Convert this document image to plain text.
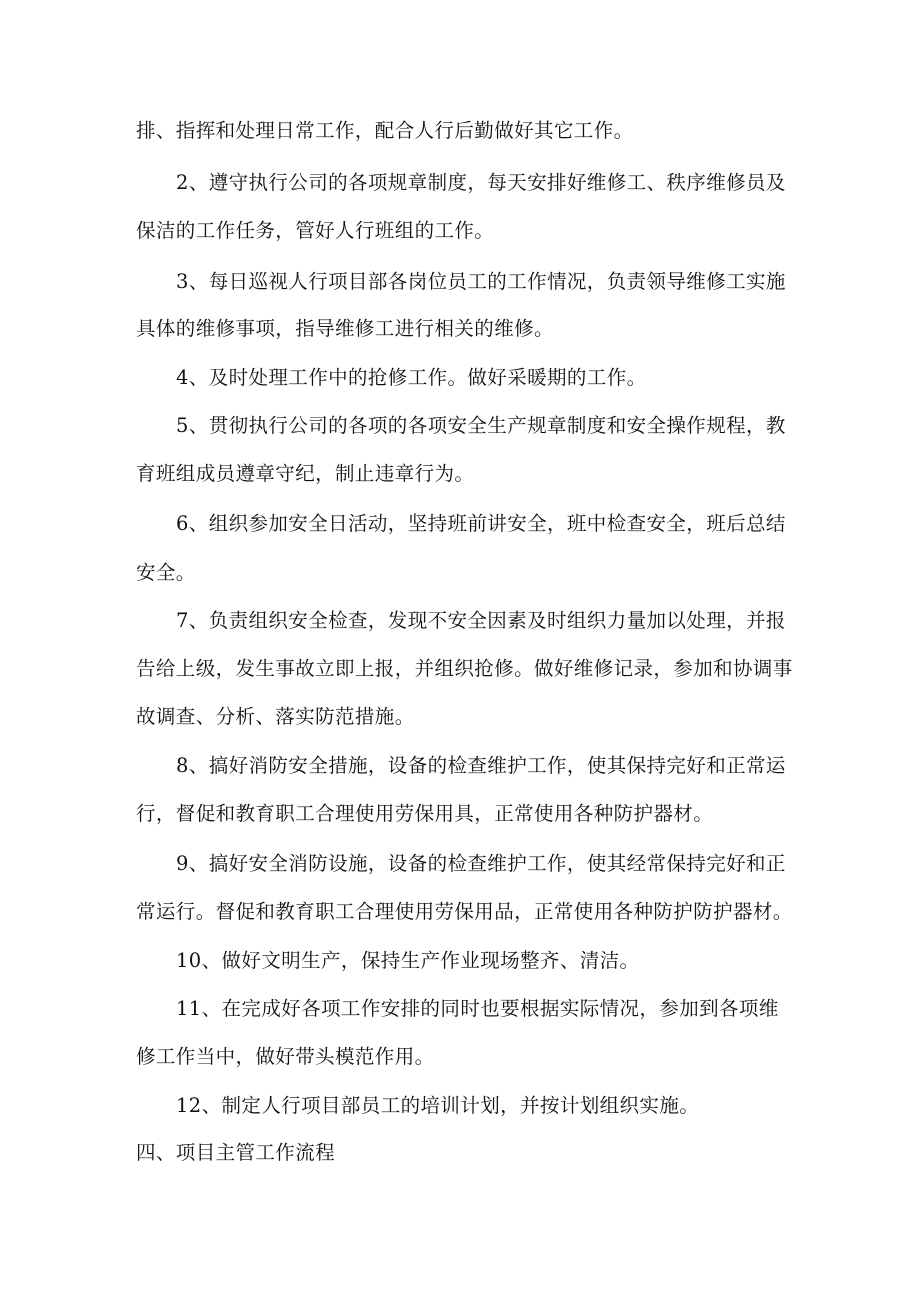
排、指挥和处理日常工作，配合人行后勤做好其它工作。
2、遵守执行公司的各项规章制度，每天安排好维修工、秩序维修员及
保洁的工作任务，管好人行班组的工作。
3、每日巡视人行项目部各岗位员工的工作情况，负责领导维修工实施
具体的维修事项，指导维修工进行相关的维修。
4、及时处理工作中的抢修工作。做好采暖期的工作。
5、贯彻执行公司的各项的各项安全生产规章制度和安全操作规程，教
育班组成员遵章守纪，制止违章行为。
6、组织参加安全日活动，坚持班前讲安全，班中检查安全，班后总结
安全。
7、负责组织安全检查，发现不安全因素及时组织力量加以处理，并报
告给上级，发生事故立即上报，并组织抢修。做好维修记录，参加和协调事
故调查、分析、落实防范措施。
8、搞好消防安全措施，设备的检查维护工作，使其保持完好和正常运
行，督促和教育职工合理使用劳保用具，正常使用各种防护器材。
9、搞好安全消防设施，设备的检查维护工作，使其经常保持完好和正
常运行。督促和教育职工合理使用劳保用品，正常使用各种防护防护器材。
10、做好文明生产，保持生产作业现场整齐、清洁。
11、在完成好各项工作安排的同时也要根据实际情况，参加到各项维
修工作当中，做好带头模范作用。
12、制定人行项目部员工的培训计划，并按计划组织实施。
四、项目主管工作流程
